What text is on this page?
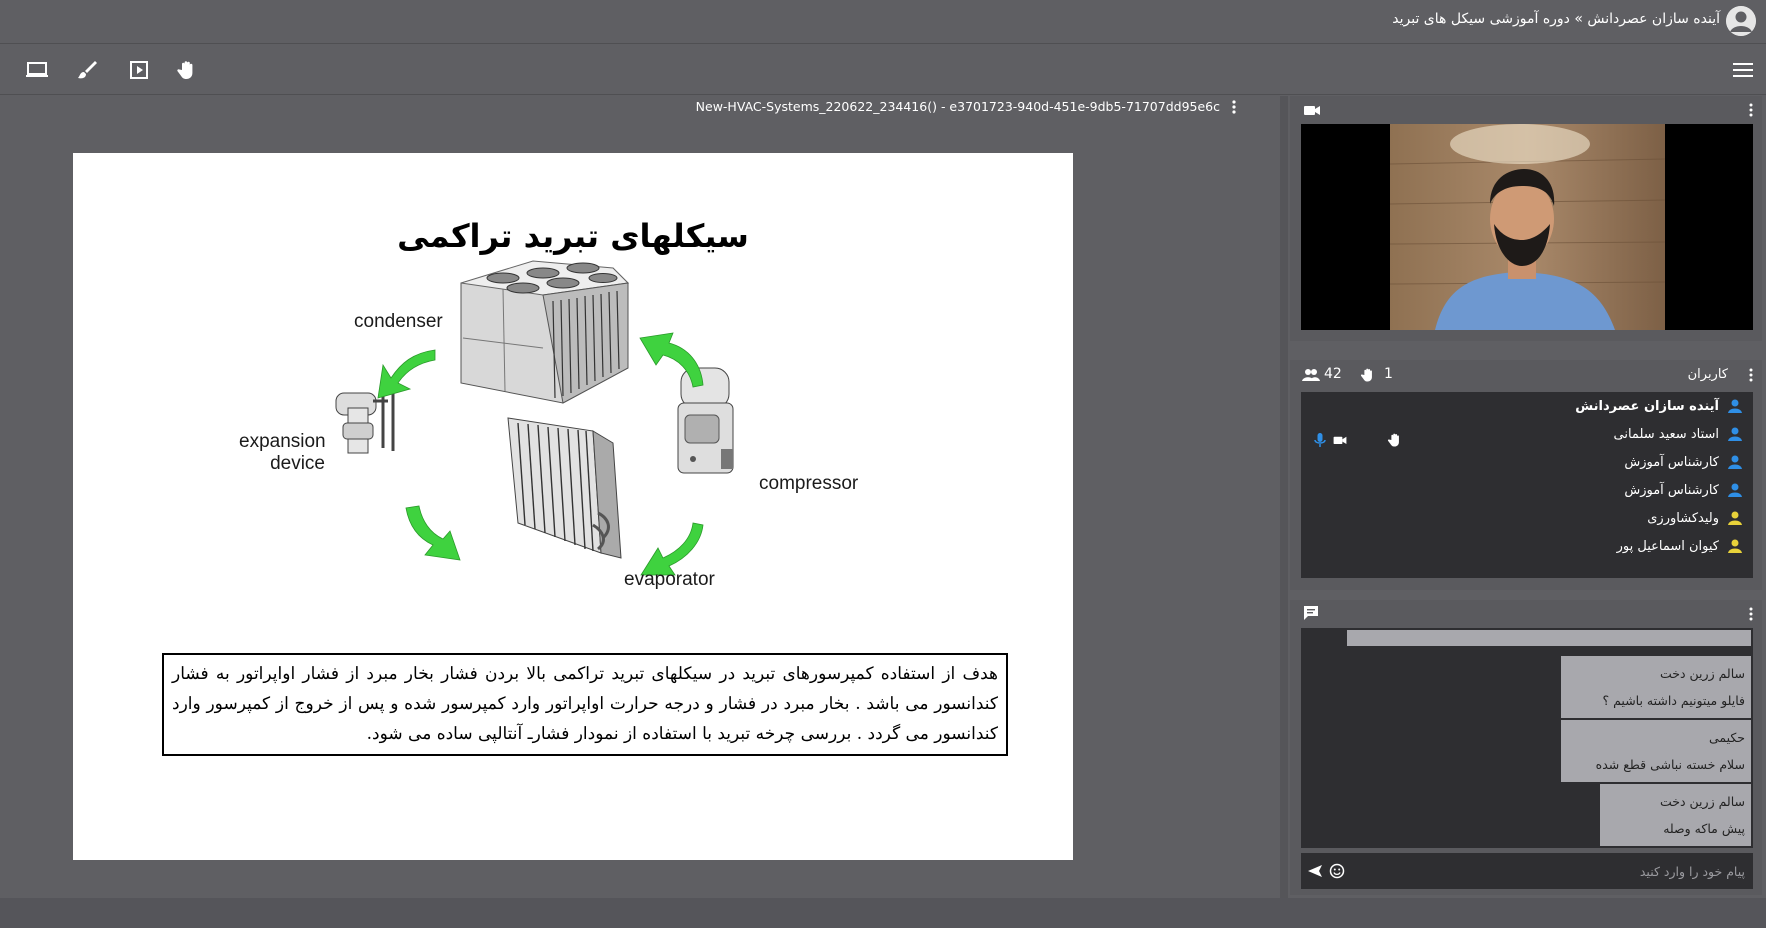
آینده سازان عصردانش » دوره آموزشی سیکل های تبرید
New-HVAC-Systems_220622_234416() - e3701723-940d-451e-9db5-71707dd95e6c
سیکلهای تبرید تراکمی
condenser
expansion
device
compressor
evaporator
هدف از استفاده کمپرسورهای تبرید در سیکلهای تبرید تراکمی بالا بردن فشار بخار مبرد از فشار اواپراتور به فشار کندانسور می باشد . بخار مبرد در فشار و درجه حرارت اواپراتور وارد کمپرسور شده و پس از خروج از کمپرسور وارد کندانسور می گردد . بررسی چرخه تبرید با استفاده از نمودار فشارـ آنتالپی ساده می شود.
42	1	کاربران
آینده سازان عصردانش
استاد سعید سلمانی
کارشناس آموزش
کارشناس آموزش
ولیدکشاورزی
کیوان اسماعیل پور
سالم زرین دخت
فایلو میتونیم داشته باشیم ؟
حکیمی
سلام خسته نباشی قطع شده
سالم زرین دخت
پیش ماکه وصله
پیام خود را وارد کنید
